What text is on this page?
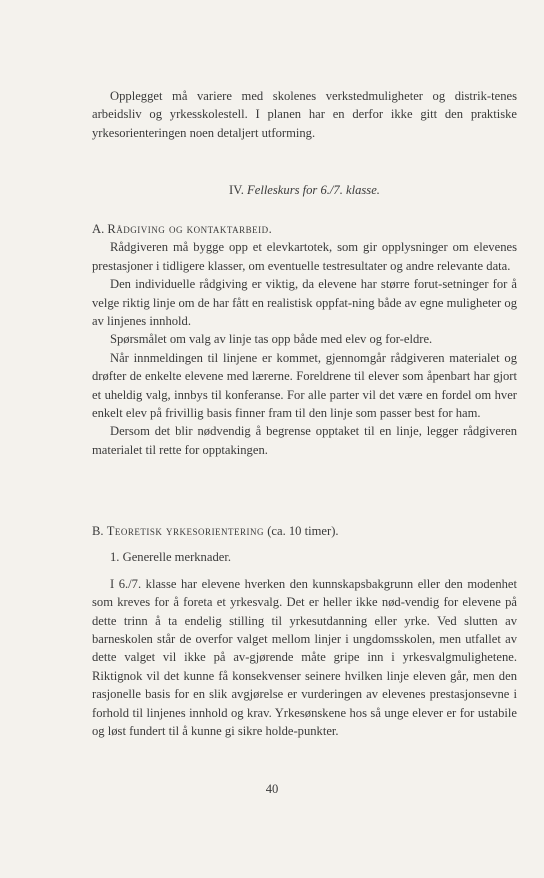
Opplegget må variere med skolenes verkstedmuligheter og distrik-tenes arbeidsliv og yrkesskolestell. I planen har en derfor ikke gitt den praktiske yrkesorienteringen noen detaljert utforming.

IV. Felleskurs for 6./7. klasse.

A. Rådgiving og kontaktarbeid.

Rådgiveren må bygge opp et elevkartotek, som gir opplysninger om elevenes prestasjoner i tidligere klasser, om eventuelle testresultater og andre relevante data.

Den individuelle rådgiving er viktig, da elevene har større forut-setninger for å velge riktig linje om de har fått en realistisk oppfat-ning både av egne muligheter og av linjenes innhold.

Spørsmålet om valg av linje tas opp både med elev og for-eldre.

Når innmeldingen til linjene er kommet, gjennomgår rådgiveren materialet og drøfter de enkelte elevene med lærerne. Foreldrene til elever som åpenbart har gjort et uheldig valg, innbys til konferanse. For alle parter vil det være en fordel om hver enkelt elev på frivillig basis finner fram til den linje som passer best for ham.

Dersom det blir nødvendig å begrense opptaket til en linje, legger rådgiveren materialet til rette for opptakingen.

B. Teoretisk yrkesorientering (ca. 10 timer).

1. Generelle merknader.

I 6./7. klasse har elevene hverken den kunnskapsbakgrunn eller den modenhet som kreves for å foreta et yrkesvalg. Det er heller ikke nød-vendig for elevene på dette trinn å ta endelig stilling til yrkesutdanning eller yrke. Ved slutten av barneskolen står de overfor valget mellom linjer i ungdomsskolen, men utfallet av dette valget vil ikke på av-gjørende måte gripe inn i yrkesvalgmulighetene. Riktignok vil det kunne få konsekvenser seinere hvilken linje eleven går, men den rasjonelle basis for en slik avgjørelse er vurderingen av elevenes prestasjonsevne i forhold til linjenes innhold og krav. Yrkesønskene hos så unge elever er for ustabile og løst fundert til å kunne gi sikre holde-punkter.

40
